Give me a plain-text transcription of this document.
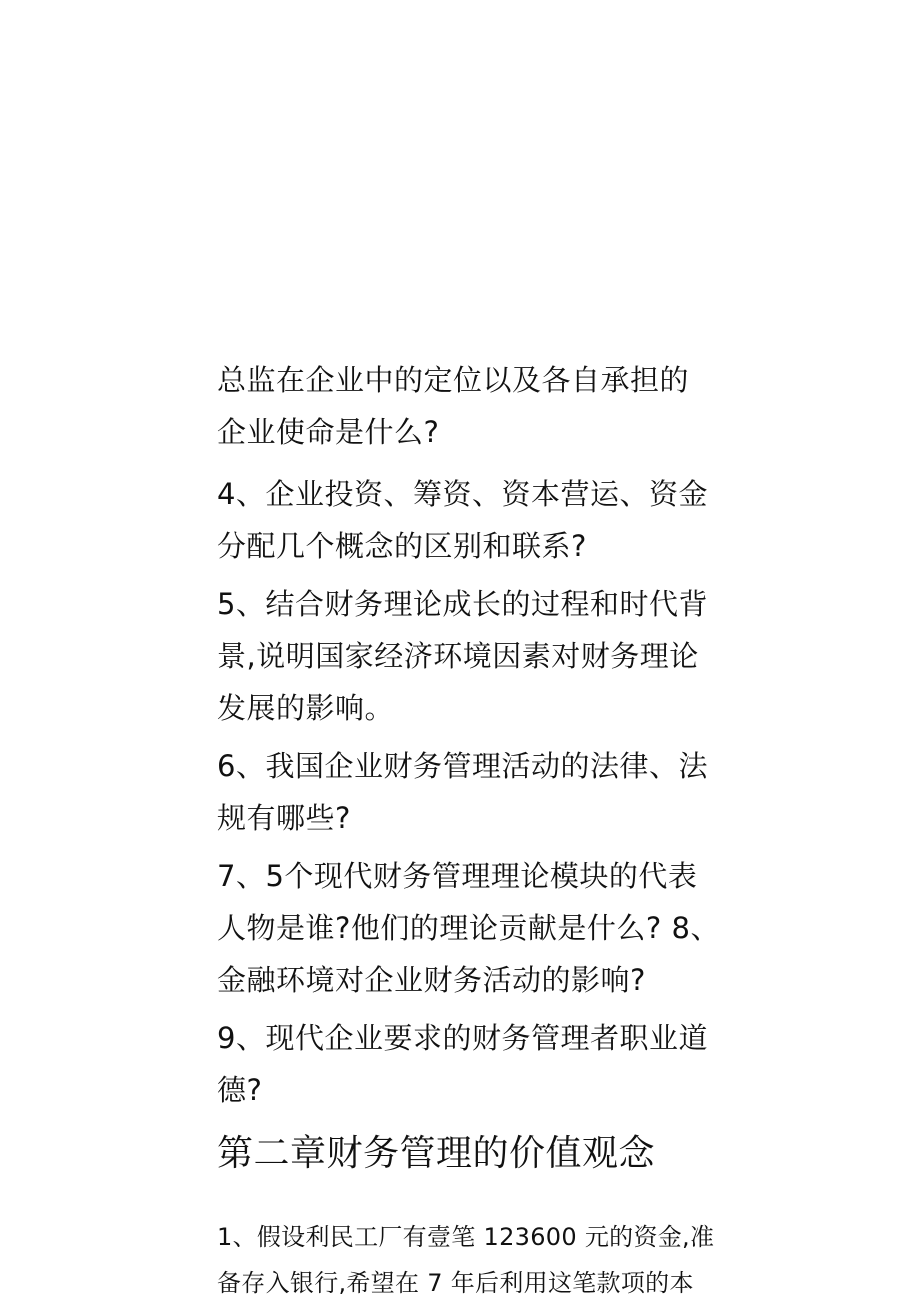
总监在企业中的定位以及各自承担的
企业使命是什么?

4、企业投资、筹资、资本营运、资金
分配几个概念的区别和联系?

5、结合财务理论成长的过程和时代背
景,说明国家经济环境因素对财务理论
发展的影响。

6、我国企业财务管理活动的法律、法
规有哪些?

7、5个现代财务管理理论模块的代表
人物是谁?他们的理论贡献是什么? 8、
金融环境对企业财务活动的影响?

9、现代企业要求的财务管理者职业道
德?

第二章财务管理的价值观念

1、假设利民工厂有壹笔 123600 元的资金,准
备存入银行,希望在 7 年后利用这笔款项的本
